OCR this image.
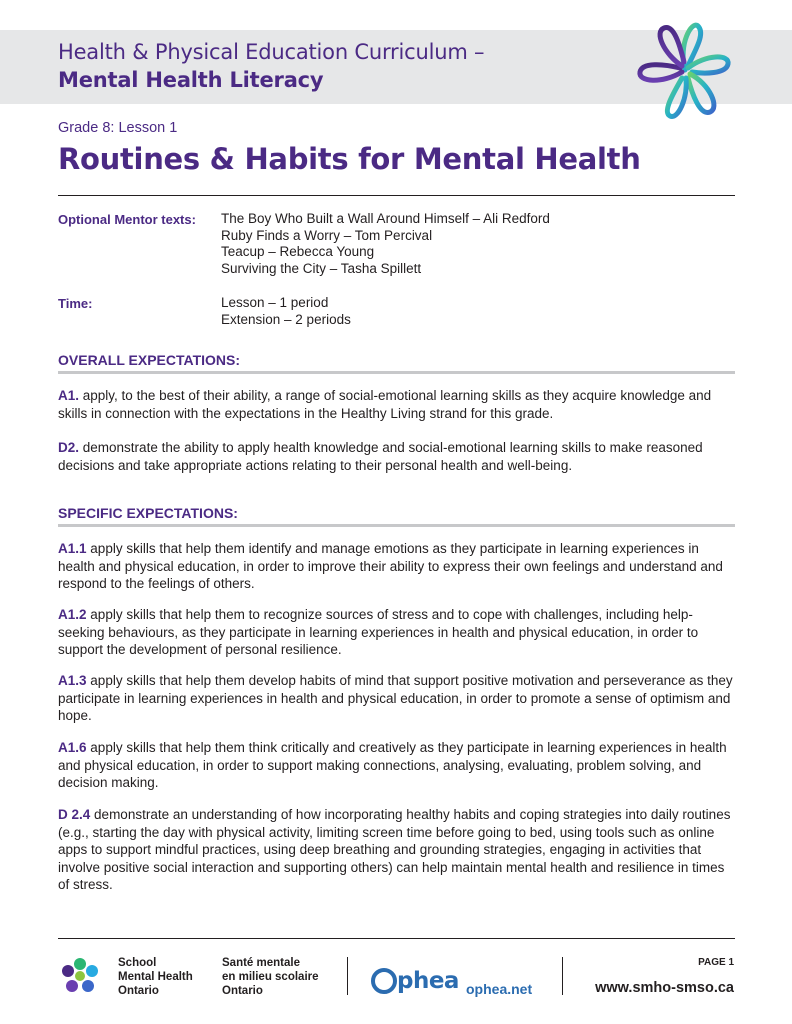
Health & Physical Education Curriculum –
Mental Health Literacy
Grade 8: Lesson 1
Routines & Habits for Mental Health
Optional Mentor texts: The Boy Who Built a Wall Around Himself – Ali Redford
Ruby Finds a Worry – Tom Percival
Teacup – Rebecca Young
Surviving the City – Tasha Spillett
Time:	Lesson – 1 period
Extension – 2 periods
OVERALL EXPECTATIONS:
A1. apply, to the best of their ability, a range of social-emotional learning skills as they acquire knowledge and skills in connection with the expectations in the Healthy Living strand for this grade.
D2. demonstrate the ability to apply health knowledge and social-emotional learning skills to make reasoned decisions and take appropriate actions relating to their personal health and well-being.
SPECIFIC EXPECTATIONS:
A1.1 apply skills that help them identify and manage emotions as they participate in learning experiences in health and physical education, in order to improve their ability to express their own feelings and understand and respond to the feelings of others.
A1.2 apply skills that help them to recognize sources of stress and to cope with challenges, including help-seeking behaviours, as they participate in learning experiences in health and physical education, in order to support the development of personal resilience.
A1.3 apply skills that help them develop habits of mind that support positive motivation and perseverance as they participate in learning experiences in health and physical education, in order to promote a sense of optimism and hope.
A1.6 apply skills that help them think critically and creatively as they participate in learning experiences in health and physical education, in order to support making connections, analysing, evaluating, problem solving, and decision making.
D 2.4 demonstrate an understanding of how incorporating healthy habits and coping strategies into daily routines (e.g., starting the day with physical activity, limiting screen time before going to bed, using tools such as online apps to support mindful practices, using deep breathing and grounding strategies, engaging in activities that involve positive social interaction and supporting others) can help maintain mental health and resilience in times of stress.
School
Mental Health
Ontario
Santé mentale
en milieu scolaire
Ontario	phea ophea.net
PAGE 1
www.smho-smso.ca
